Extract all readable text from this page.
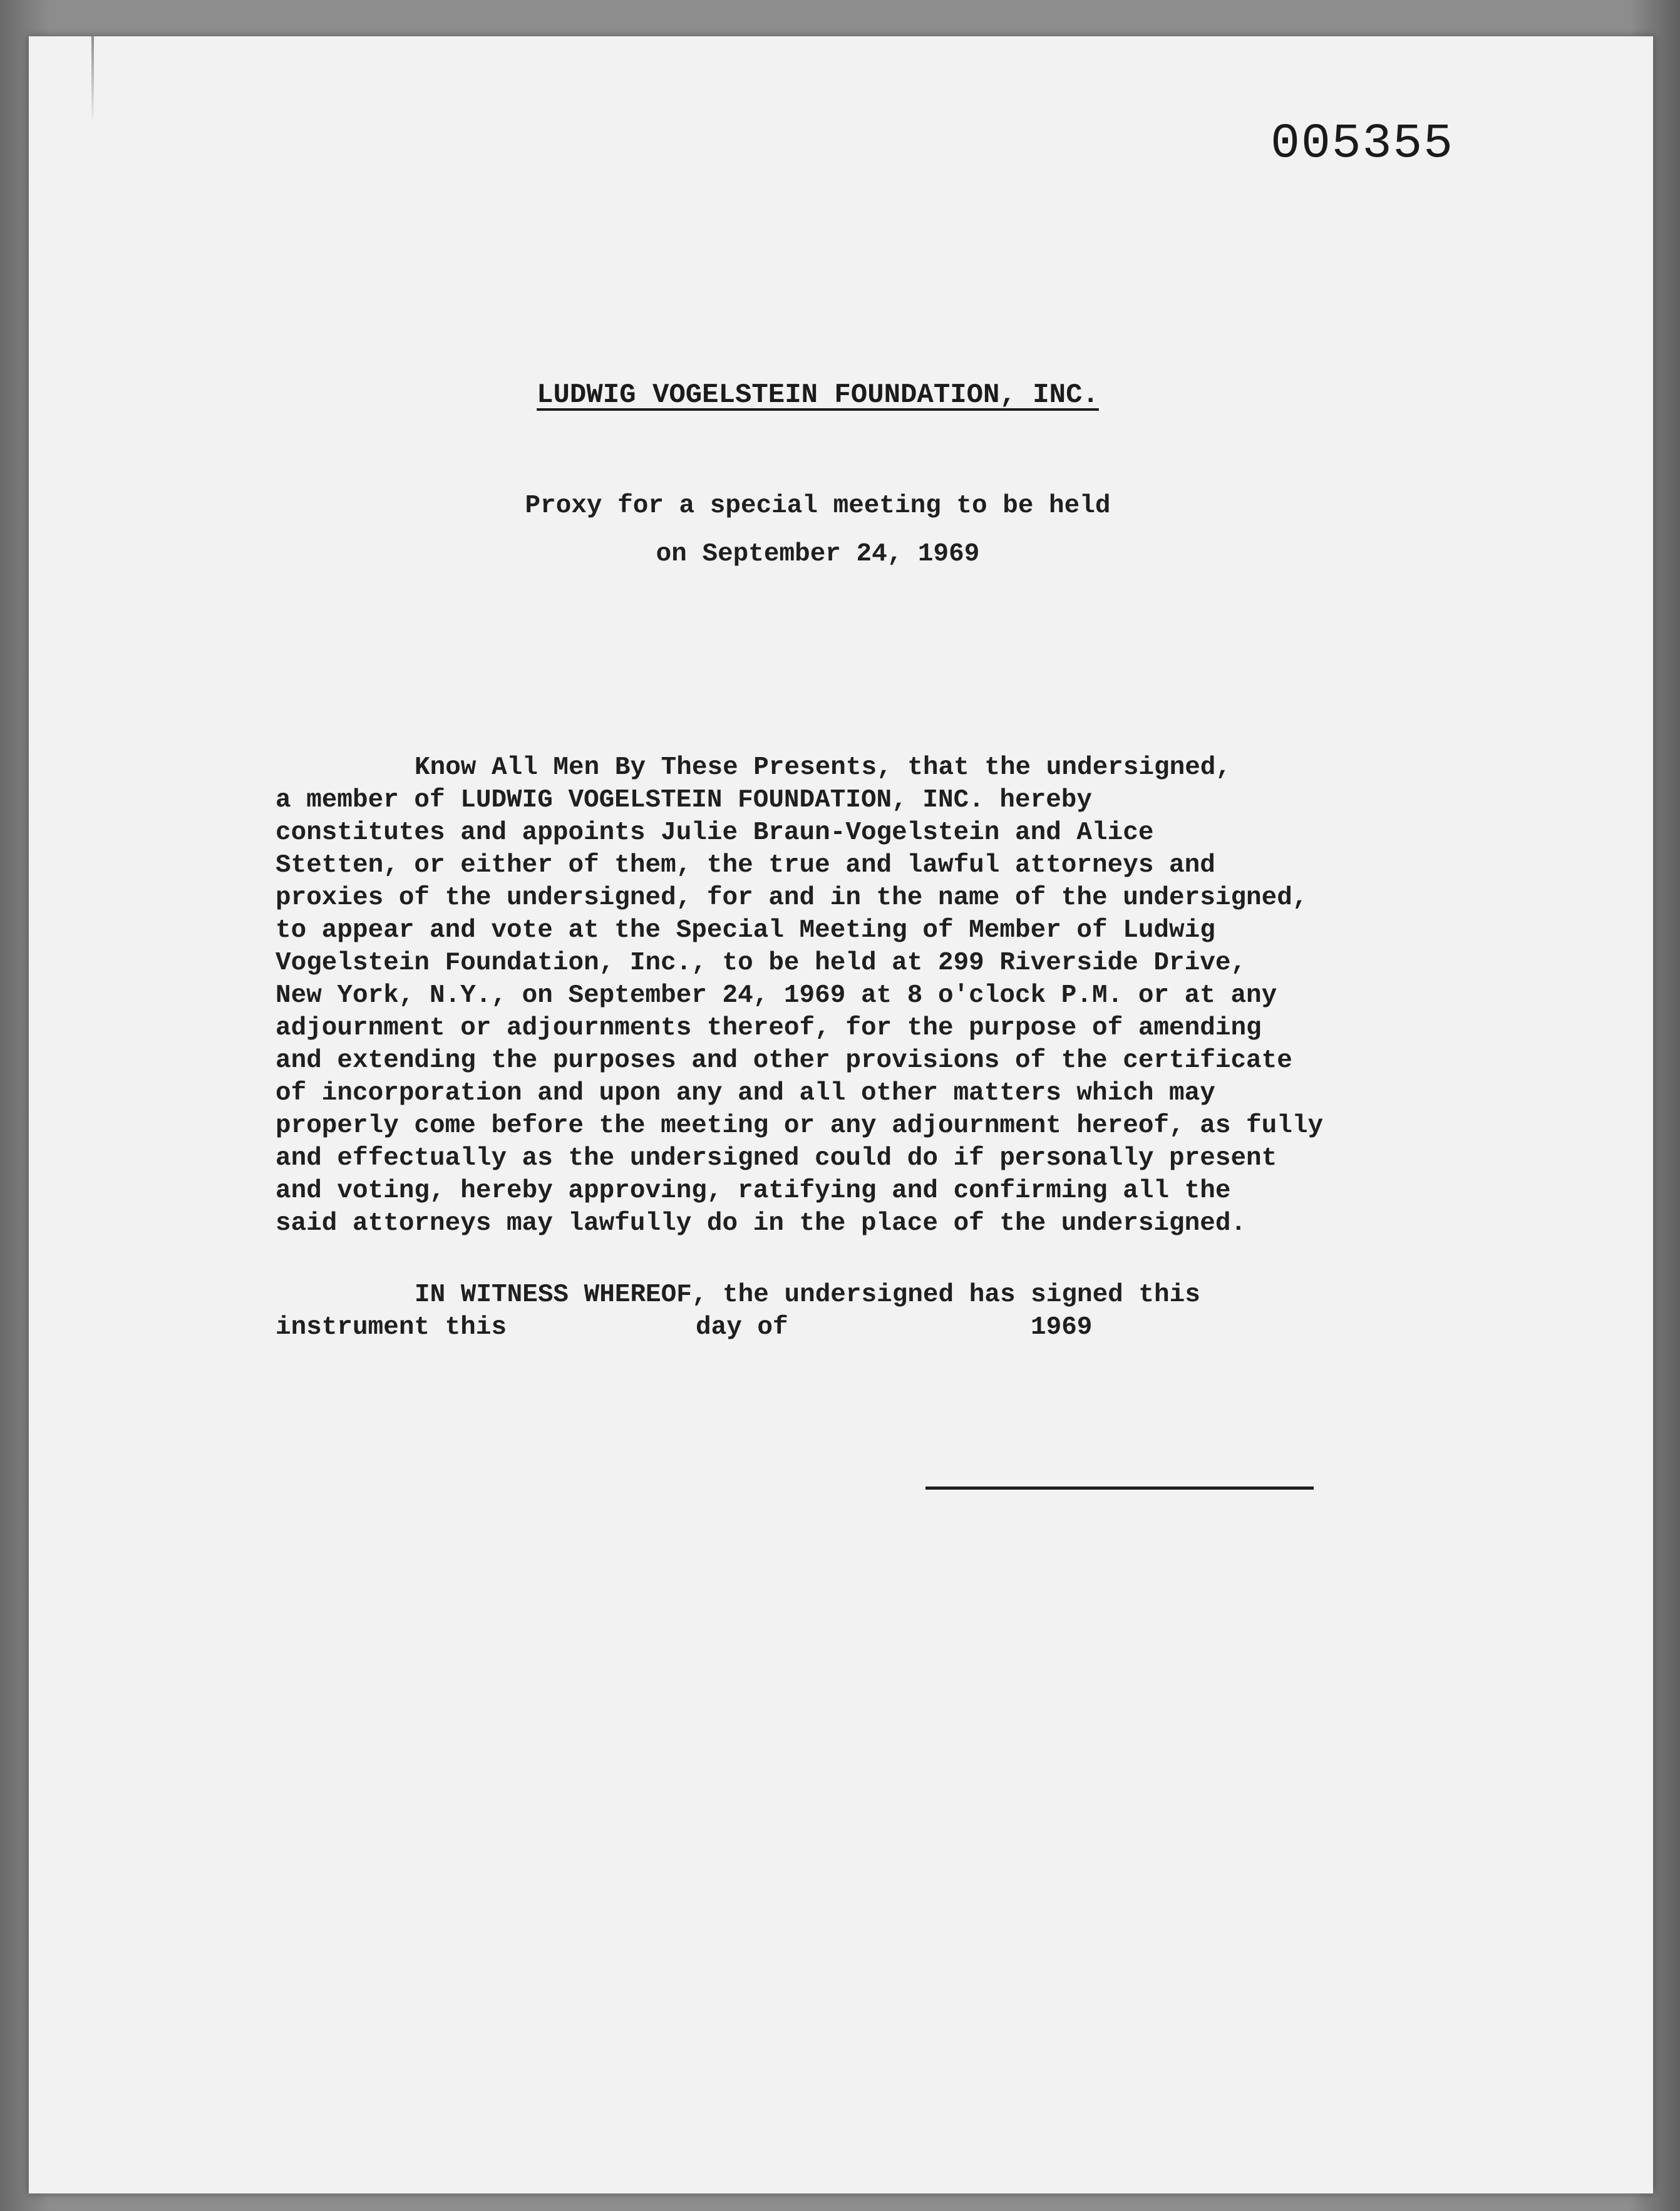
005355
LUDWIG VOGELSTEIN FOUNDATION, INC.
Proxy for a special meeting to be held
on September 24, 1969
Know All Men By These Presents, that the undersigned,
a member of LUDWIG VOGELSTEIN FOUNDATION, INC. hereby
constitutes and appoints Julie Braun-Vogelstein and Alice
Stetten, or either of them, the true and lawful attorneys and
proxies of the undersigned, for and in the name of the undersigned,
to appear and vote at the Special Meeting of Member of Ludwig
Vogelstein Foundation, Inc., to be held at 299 Riverside Drive,
New York, N.Y., on September 24, 1969 at 8 o'clock P.M. or at any
adjournment or adjournments thereof, for the purpose of amending
and extending the purposes and other provisions of the certificate
of incorporation and upon any and all other matters which may
properly come before the meeting or any adjournment hereof, as fully
and effectually as the undersigned could do if personally present
and voting, hereby approving, ratifying and confirming all the
said attorneys may lawfully do in the place of the undersigned.
IN WITNESS WHEREOF, the undersigned has signed this
instrument this	day of	1969
